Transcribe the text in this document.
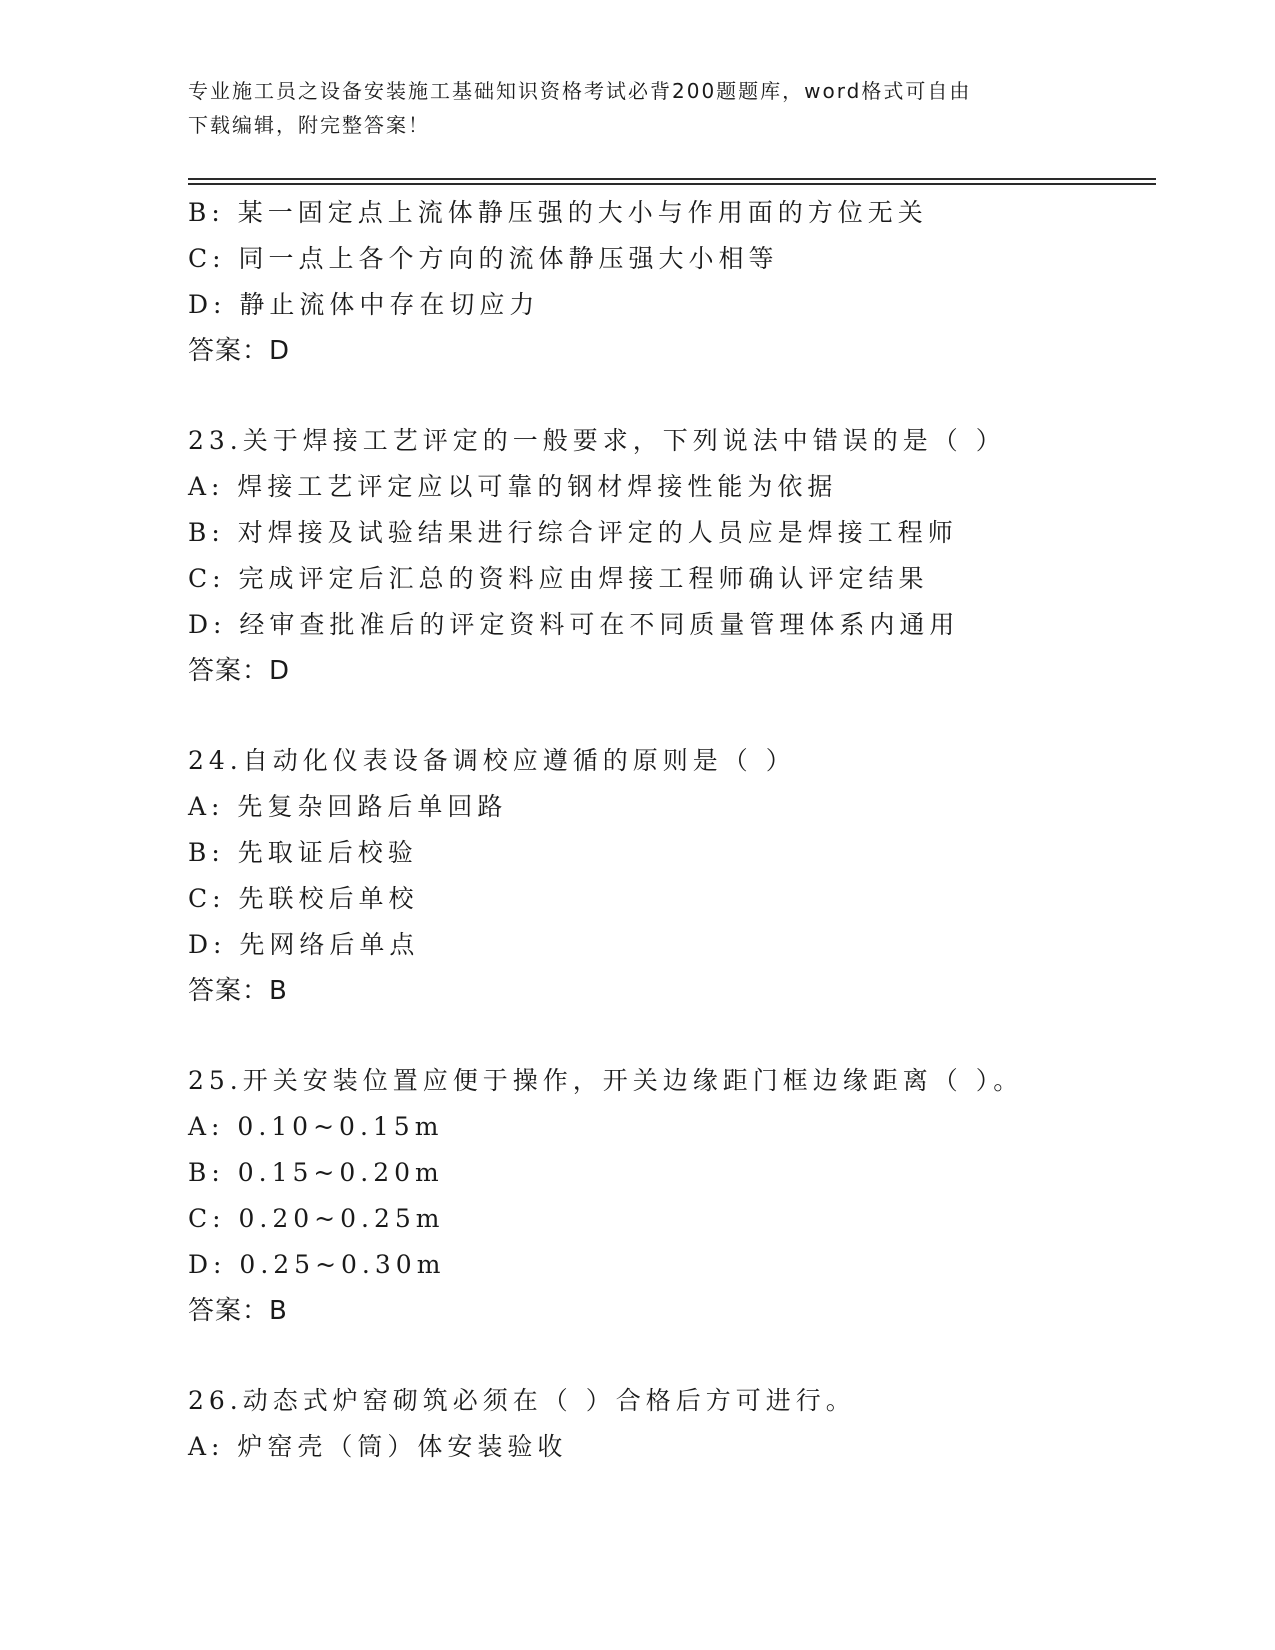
专业施工员之设备安装施工基础知识资格考试必背200题题库，word格式可自由
下载编辑，附完整答案！
B: 某一固定点上流体静压强的大小与作用面的方位无关
C: 同一点上各个方向的流体静压强大小相等
D: 静止流体中存在切应力
答案：D
23.关于焊接工艺评定的一般要求，下列说法中错误的是（ ）
A: 焊接工艺评定应以可靠的钢材焊接性能为依据
B: 对焊接及试验结果进行综合评定的人员应是焊接工程师
C: 完成评定后汇总的资料应由焊接工程师确认评定结果
D: 经审查批准后的评定资料可在不同质量管理体系内通用
答案：D
24.自动化仪表设备调校应遵循的原则是（ ）
A: 先复杂回路后单回路
B: 先取证后校验
C: 先联校后单校
D: 先网络后单点
答案：B
25.开关安装位置应便于操作，开关边缘距门框边缘距离（ ）。
A: 0.10~0.15m
B: 0.15~0.20m
C: 0.20~0.25m
D: 0.25~0.30m
答案：B
26.动态式炉窑砌筑必须在（ ）合格后方可进行。
A: 炉窑壳（筒）体安装验收
